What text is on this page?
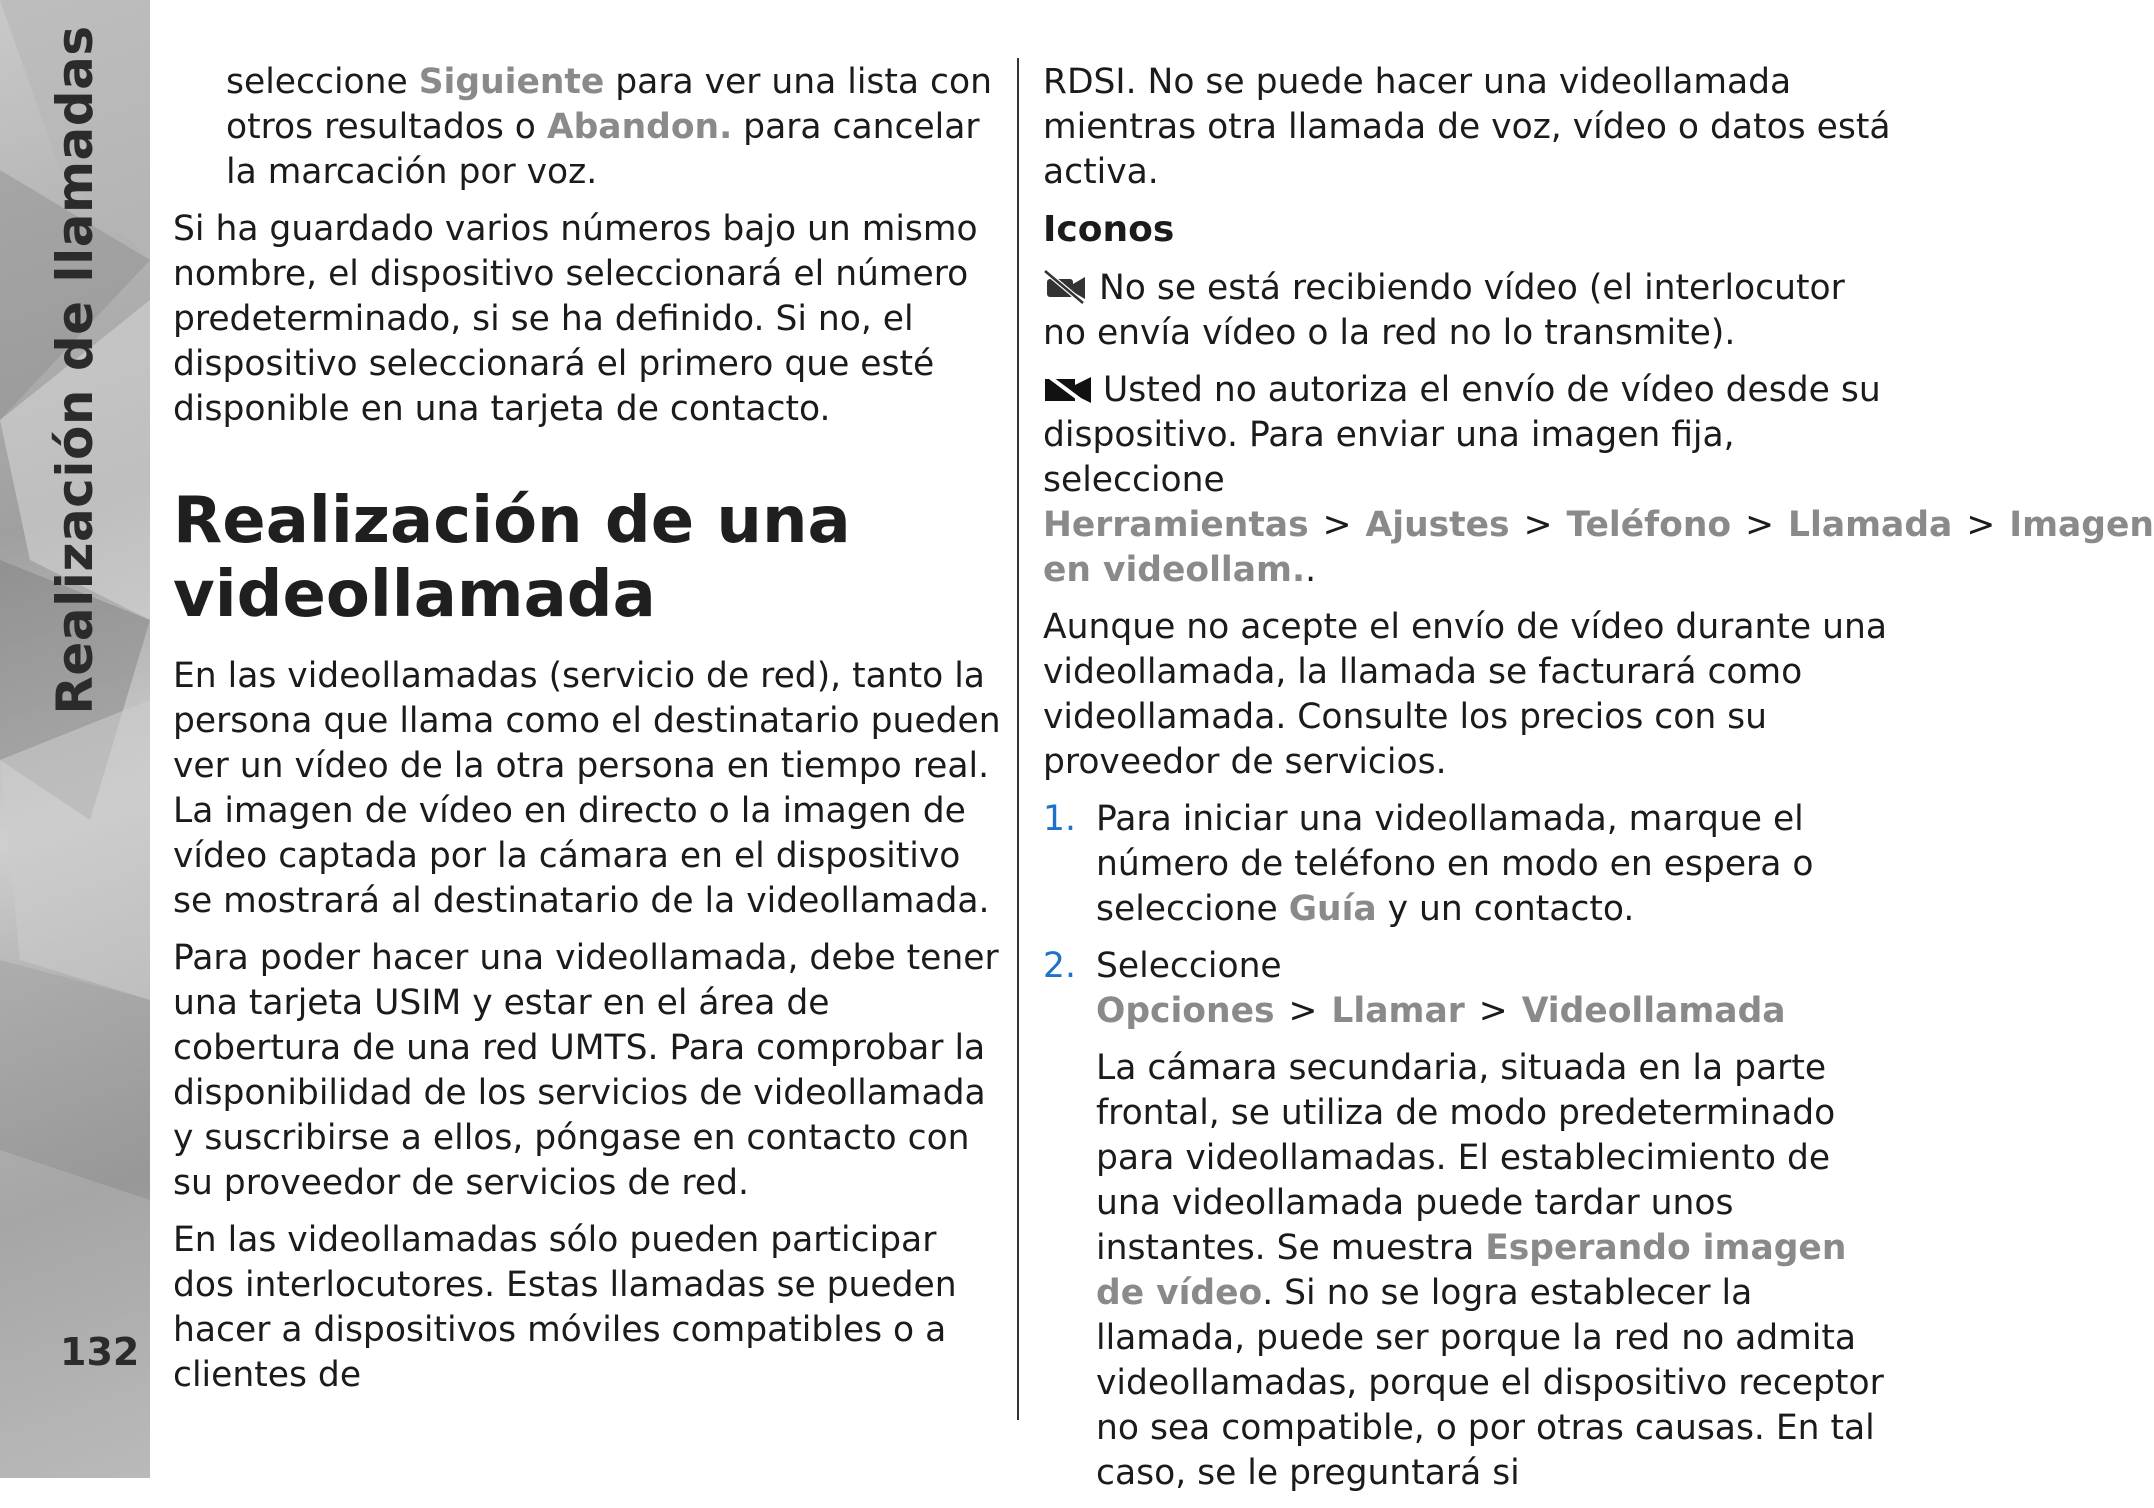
Realización de llamadas
132

seleccione Siguiente para ver una lista con otros resultados o Abandon. para cancelar la marcación por voz.

Si ha guardado varios números bajo un mismo nombre, el dispositivo seleccionará el número predeterminado, si se ha definido. Si no, el dispositivo seleccionará el primero que esté disponible en una tarjeta de contacto.

Realización de una videollamada

En las videollamadas (servicio de red), tanto la persona que llama como el destinatario pueden ver un vídeo de la otra persona en tiempo real. La imagen de vídeo en directo o la imagen de vídeo captada por la cámara en el dispositivo se mostrará al destinatario de la videollamada.

Para poder hacer una videollamada, debe tener una tarjeta USIM y estar en el área de cobertura de una red UMTS. Para comprobar la disponibilidad de los servicios de videollamada y suscribirse a ellos, póngase en contacto con su proveedor de servicios de red.

En las videollamadas sólo pueden participar dos interlocutores. Estas llamadas se pueden hacer a dispositivos móviles compatibles o a clientes de

RDSI. No se puede hacer una videollamada mientras otra llamada de voz, vídeo o datos está activa.

Iconos

No se está recibiendo vídeo (el interlocutor no envía vídeo o la red no lo transmite).

Usted no autoriza el envío de vídeo desde su dispositivo. Para enviar una imagen fija, seleccione Herramientas > Ajustes > Teléfono > Llamada > Imagen en videollam..

Aunque no acepte el envío de vídeo durante una videollamada, la llamada se facturará como videollamada. Consulte los precios con su proveedor de servicios.

1. Para iniciar una videollamada, marque el número de teléfono en modo en espera o seleccione Guía y un contacto.
2. Seleccione Opciones > Llamar > Videollamada

La cámara secundaria, situada en la parte frontal, se utiliza de modo predeterminado para videollamadas. El establecimiento de una videollamada puede tardar unos instantes. Se muestra Esperando imagen de vídeo. Si no se logra establecer la llamada, puede ser porque la red no admita videollamadas, porque el dispositivo receptor no sea compatible, o por otras causas. En tal caso, se le preguntará si
